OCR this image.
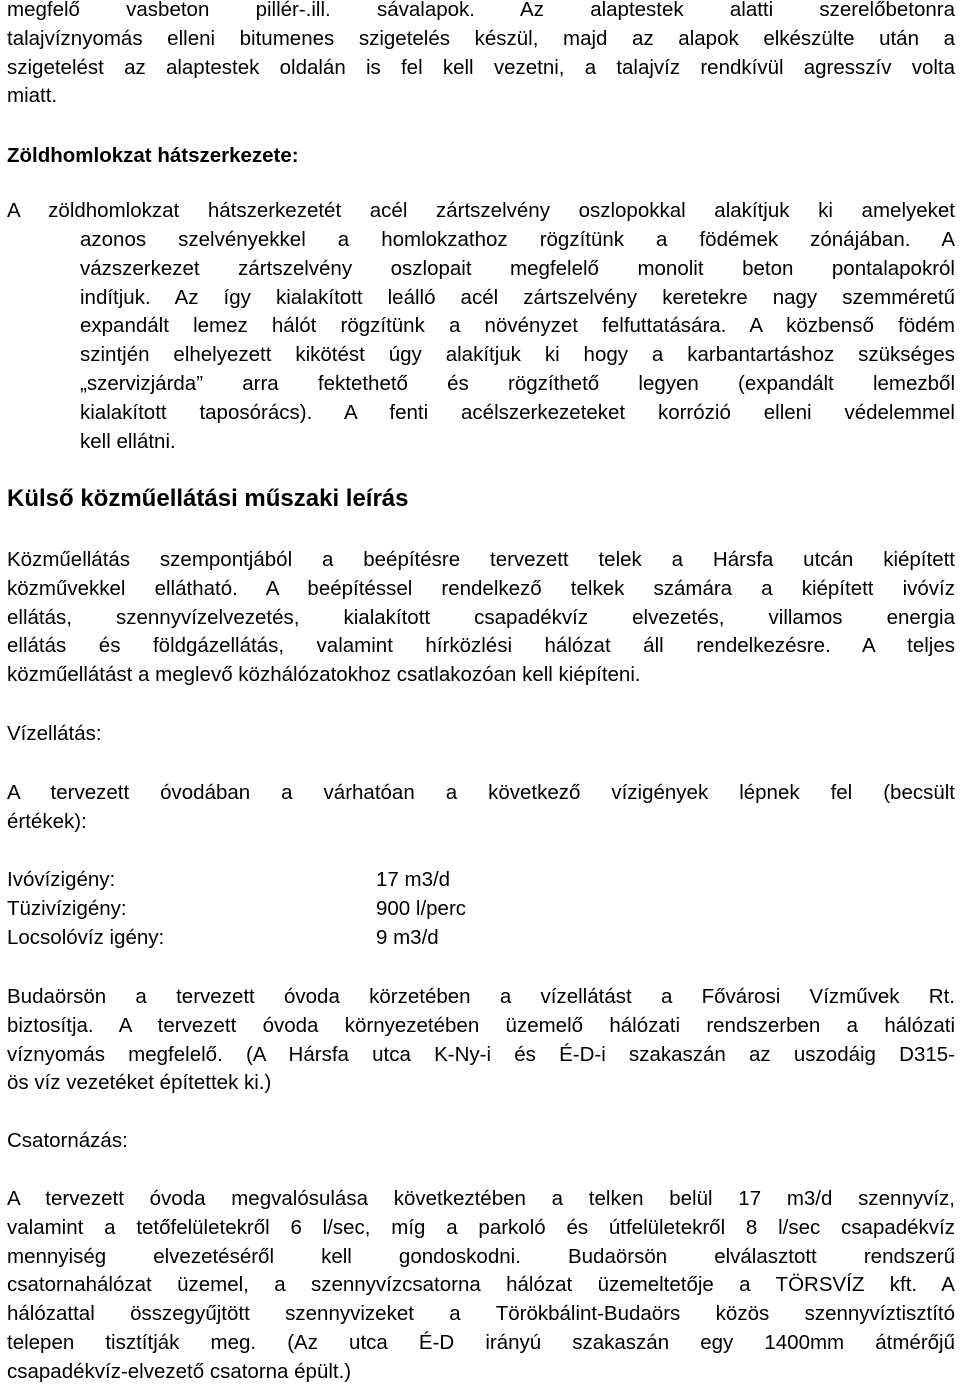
megfelő vasbeton pillér-.ill. sávalapok. Az alaptestek alatti szerelőbetonra
talajvíznyomás elleni bitumenes szigetelés készül, majd az alapok elkészülte után a
szigetelést az alaptestek oldalán is fel kell vezetni, a talajvíz rendkívül agresszív volta
miatt.
Zöldhomlokzat hátszerkezete:
A zöldhomlokzat hátszerkezetét acél zártszelvény oszlopokkal alakítjuk ki amelyeket
azonos szelvényekkel a homlokzathoz rögzítünk a födémek zónájában. A
vázszerkezet zártszelvény oszlopait megfelelő monolit beton pontalapokról
indítjuk. Az így kialakított leálló acél zártszelvény keretekre nagy szemméretű
expandált lemez hálót rögzítünk a növényzet felfuttatására. A közbenső födém
szintjén elhelyezett kikötést úgy alakítjuk ki hogy a karbantartáshoz szükséges
„szervizjárda” arra fektethető és rögzíthető legyen (expandált lemezből
kialakított taposórács). A fenti acélszerkezeteket korrózió elleni védelemmel
kell ellátni.
Külső közműellátási műszaki leírás
Közműellátás szempontjából a beépítésre tervezett telek a Hársfa utcán kiépített
közművekkel ellátható. A beépítéssel rendelkező telkek számára a kiépített ivóvíz
ellátás, szennyvízelvezetés, kialakított csapadékvíz elvezetés, villamos energia
ellátás és földgázellátás, valamint hírközlési hálózat áll rendelkezésre. A teljes
közműellátást a meglevő közhálózatokhoz csatlakozóan kell kiépíteni.
Vízellátás:
A tervezett óvodában a várhatóan a következő vízigények lépnek fel (becsült
értékek):
Ivóvízigény:	17 m3/d
Tüzivízigény:	900 l/perc
Locsolóvíz igény:	9 m3/d
Budaörsön a tervezett óvoda körzetében a vízellátást a Fővárosi Vízművek Rt.
biztosítja. A tervezett óvoda környezetében üzemelő hálózati rendszerben a hálózati
víznyomás megfelelő. (A Hársfa utca K-Ny-i és É-D-i szakaszán az uszodáig D315-
ös víz vezetéket építettek ki.)
Csatornázás:
A tervezett óvoda megvalósulása következtében a telken belül 17 m3/d szennyvíz,
valamint a tetőfelületekről 6 l/sec, míg a parkoló és útfelületekről 8 l/sec csapadékvíz
mennyiség elvezetéséről kell gondoskodni. Budaörsön elválasztott rendszerű
csatornahálózat üzemel, a szennyvízcsatorna hálózat üzemeltetője a TÖRSVÍZ kft. A
hálózattal összegyűjtött szennyvizeket a Törökbálint-Budaörs közös szennyvíztisztító
telepen tisztítják meg. (Az utca É-D irányú szakaszán egy 1400mm átmérőjű
csapadékvíz-elvezető csatorna épült.)
